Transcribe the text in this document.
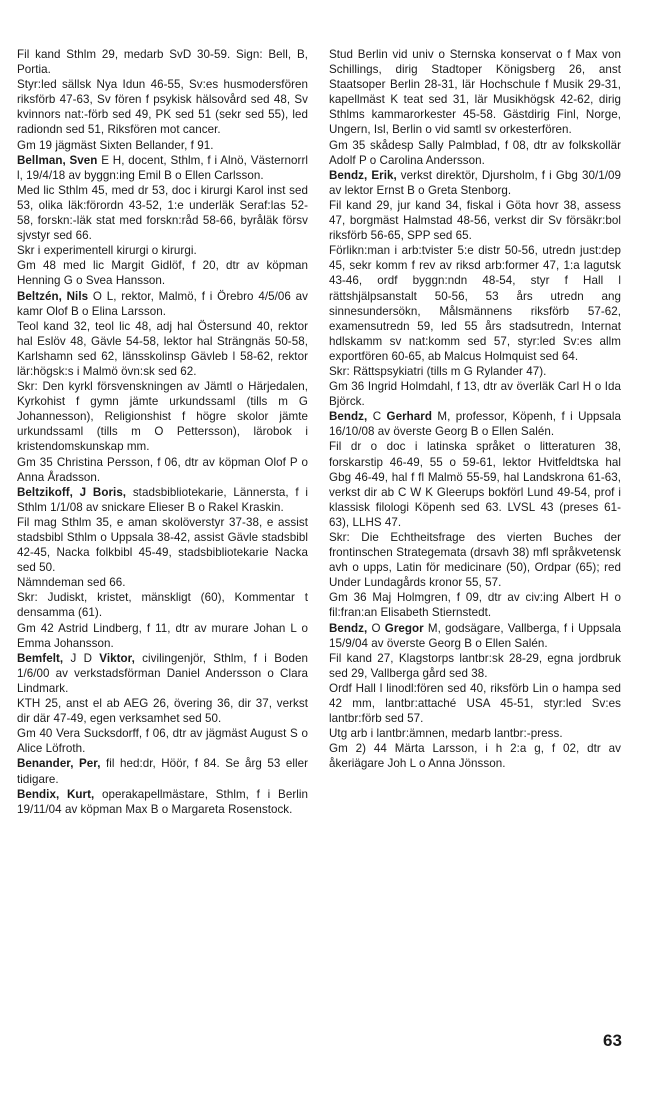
Fil kand Sthlm 29, medarb SvD 30-59. Sign: Bell, B, Portia.

Styr:led sällsk Nya Idun 46-55, Sv:es husmodersfören riksförb 47-63, Sv fören f psykisk hälsovård sed 48, Sv kvinnors nat:-förb sed 49, PK sed 51 (sekr sed 55), led radiondn sed 51, Riksfören mot cancer.

Gm 19 jägmäst Sixten Bellander, f 91.

Bellman, Sven E H, docent, Sthlm, f i Alnö, Västernorrl l, 19/4/18 av byggn:ing Emil B o Ellen Carlsson.

Med lic Sthlm 45, med dr 53, doc i kirurgi Karol inst sed 53, olika läk:förordn 43-52, 1:e underläk Seraf:las 52-58, forskn:-läk stat med forskn:råd 58-66, byråläk försv sjvstyr sed 66.

Skr i experimentell kirurgi o kirurgi.

Gm 48 med lic Margit Gidlöf, f 20, dtr av köpman Henning G o Svea Hansson.

Beltzén, Nils O L, rektor, Malmö, f i Örebro 4/5/06 av kamr Olof B o Elina Larsson.

Teol kand 32, teol lic 48, adj hal Östersund 40, rektor hal Eslöv 48, Gävle 54-58, lektor hal Strängnäs 50-58, Karlshamn sed 62, länsskolinsp Gävleb l 58-62, rektor lär:högsk:s i Malmö övn:sk sed 62.

Skr: Den kyrkl försvenskningen av Jämtl o Härjedalen, Kyrkohist f gymn jämte urkundssaml (tills m G Johannesson), Religionshist f högre skolor jämte urkundssaml (tills m O Pettersson), lärobok i kristendomskunskap mm.

Gm 35 Christina Persson, f 06, dtr av köpman Olof P o Anna Åradsson.

Beltzikoff, J Boris, stadsbibliotekarie, Lännersta, f i Sthlm 1/1/08 av snickare Elieser B o Rakel Kraskin.

Fil mag Sthlm 35, e aman skolöverstyr 37-38, e assist stadsbibl Sthlm o Uppsala 38-42, assist Gävle stadsbibl 42-45, Nacka folkbibl 45-49, stadsbibliotekarie Nacka sed 50.

Nämndeman sed 66.

Skr: Judiskt, kristet, mänskligt (60), Kommentar t densamma (61).

Gm 42 Astrid Lindberg, f 11, dtr av murare Johan L o Emma Johansson.

Bemfelt, J D Viktor, civilingenjör, Sthlm, f i Boden 1/6/00 av verkstadsförman Daniel Andersson o Clara Lindmark.

KTH 25, anst el ab AEG 26, övering 36, dir 37, verkst dir där 47-49, egen verksamhet sed 50.

Gm 40 Vera Sucksdorff, f 06, dtr av jägmäst August S o Alice Löfroth.

Benander, Per, fil hed:dr, Höör, f 84. Se årg 53 eller tidigare.

Bendix, Kurt, operakapellmästare, Sthlm, f i Berlin 19/11/04 av köpman Max B o Margareta Rosenstock.

Stud Berlin vid univ o Sternska konservat o f Max von Schillings, dirig Stadtoper Königsberg 26, anst Staatsoper Berlin 28-31, lär Hochschule f Musik 29-31, kapellmäst K teat sed 31, lär Musikhögsk 42-62, dirig Sthlms kammarorkester 45-58. Gästdirig Finl, Norge, Ungern, Isl, Berlin o vid samtl sv orkesterfören.

Gm 35 skådesp Sally Palmblad, f 08, dtr av folkskollär Adolf P o Carolina Andersson.

Bendz, Erik, verkst direktör, Djursholm, f i Gbg 30/1/09 av lektor Ernst B o Greta Stenborg.

Fil kand 29, jur kand 34, fiskal i Göta hovr 38, assess 47, borgmäst Halmstad 48-56, verkst dir Sv försäkr:bol riksförb 56-65, SPP sed 65.

Förlikn:man i arb:tvister 5:e distr 50-56, utredn just:dep 45, sekr komm f rev av riksd arb:former 47, 1:a lagutsk 43-46, ordf byggn:ndn 48-54, styr f Hall l rättshjälpsanstalt 50-56, 53 års utredn ang sinnesundersökn, Målsmännens riksförb 57-62, examensutredn 59, led 55 års stadsutredn, Internat hdlskamm sv nat:komm sed 57, styr:led Sv:es allm exportfören 60-65, ab Malcus Holmquist sed 64.

Skr: Rättspsykiatri (tills m G Rylander 47).

Gm 36 Ingrid Holmdahl, f 13, dtr av överläk Carl H o Ida Björck.

Bendz, C Gerhard M, professor, Köpenh, f i Uppsala 16/10/08 av överste Georg B o Ellen Salén.

Fil dr o doc i latinska språket o litteraturen 38, forskarstip 46-49, 55 o 59-61, lektor Hvitfeldtska hal Gbg 46-49, hal f fl Malmö 55-59, hal Landskrona 61-63, verkst dir ab C W K Gleerups bokförl Lund 49-54, prof i klassisk filologi Köpenh sed 63. LVSL 43 (preses 61-63), LLHS 47.

Skr: Die Echtheitsfrage des vierten Buches der frontinschen Strategemata (drsavh 38) mfl språkvetensk avh o upps, Latin för medicinare (50), Ordpar (65); red Under Lundagårds kronor 55, 57.

Gm 36 Maj Holmgren, f 09, dtr av civ:ing Albert H o fil:fran:an Elisabeth Stiernstedt.

Bendz, O Gregor M, godsägare, Vallberga, f i Uppsala 15/9/04 av överste Georg B o Ellen Salén.

Fil kand 27, Klagstorps lantbr:sk 28-29, egna jordbruk sed 29, Vallberga gård sed 38.

Ordf Hall l linodl:fören sed 40, riksförb Lin o hampa sed 42 mm, lantbr:attaché USA 45-51, styr:led Sv:es lantbr:förb sed 57.

Utg arb i lantbr:ämnen, medarb lantbr:-press.

Gm 2) 44 Märta Larsson, i h 2:a g, f 02, dtr av åkeriägare Joh L o Anna Jönsson.

63
